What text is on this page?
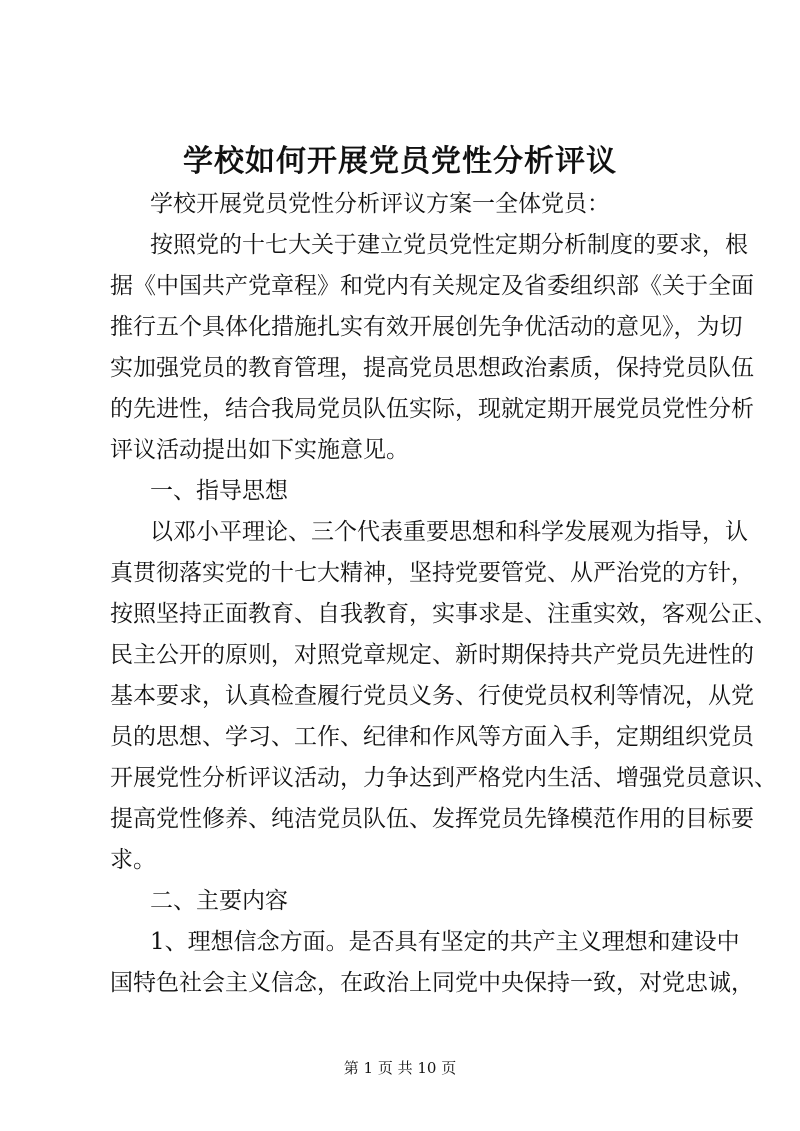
学校如何开展党员党性分析评议

学校开展党员党性分析评议方案一全体党员：

按照党的十七大关于建立党员党性定期分析制度的要求，根

据《中国共产党章程》和党内有关规定及省委组织部《关于全面

推行五个具体化措施扎实有效开展创先争优活动的意见》，为切

实加强党员的教育管理，提高党员思想政治素质，保持党员队伍

的先进性，结合我局党员队伍实际，现就定期开展党员党性分析

评议活动提出如下实施意见。

一、指导思想

以邓小平理论、三个代表重要思想和科学发展观为指导，认

真贯彻落实党的十七大精神，坚持党要管党、从严治党的方针，

按照坚持正面教育、自我教育，实事求是、注重实效，客观公正、

民主公开的原则，对照党章规定、新时期保持共产党员先进性的

基本要求，认真检查履行党员义务、行使党员权利等情况，从党

员的思想、学习、工作、纪律和作风等方面入手，定期组织党员

开展党性分析评议活动，力争达到严格党内生活、增强党员意识、

提高党性修养、纯洁党员队伍、发挥党员先锋模范作用的目标要

求。

二、主要内容

1、理想信念方面。是否具有坚定的共产主义理想和建设中

国特色社会主义信念，在政治上同党中央保持一致，对党忠诚，

第 1 页 共 10 页
